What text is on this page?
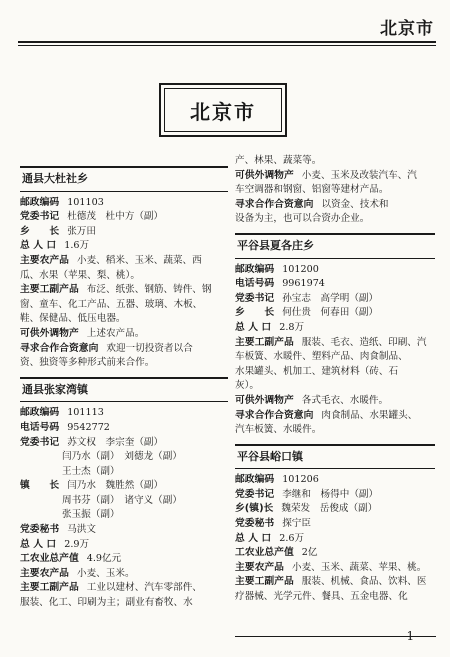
北京市
北京市
通县大杜社乡
邮政编码 101103
党委书记 杜德茂　杜中方（副）
乡　　长 张万田
总 人 口 1.6万
主要农产品 小麦、稻米、玉米、蔬菜、西
瓜、水果（苹果、梨、桃）。
主要工副产品 布泛、纸张、钢筋、铸件、钢
窗、童车、化工产品、五器、玻璃、木板、
鞋、保健品、低压电器。
可供外调物产 上述农产品。
寻求合作合资意向 欢迎一切投资者以合
资、独资等多种形式前来合作。
通县张家湾镇
邮政编码 101113
电话号码 9542772
党委书记 苏文权　李宗奎（副）
闫乃水（副）　刘德龙（副）
王士杰（副）
镇　　长 闫乃水　魏胜然（副）
周书芬（副）　诸守义（副）
张玉振（副）
党委秘书 马洪文
总 人 口 2.9万
工农业总产值 4.9亿元
主要农产品 小麦、玉米。
主要工副产品 工业以建材、汽车零部件、
服装、化工、印刷为主；副业有畜牧、水
产、林果、蔬菜等。
可供外调物产 小麦、玉米及改装汽车、汽
车空调器和钢窗、铝窗等建材产品。
寻求合作合资意向 以资金、技术和
设备为主，也可以合资办企业。
平谷县夏各庄乡
邮政编码 101200
电话号码 9961974
党委书记 孙宝志　高学明（副）
乡　　长 何仕贵　何春田（副）
总 人 口 2.8万
主要工副产品 服装、毛衣、造纸、印刷、汽
车板簧、水暖件、塑料产品、肉食制品、
水果罐头、机加工、建筑材料（砖、石
灰）。
可供外调物产 各式毛衣、水暖件。
寻求合作合资意向 肉食制品、水果罐头、
汽车板簧、水暖件。
平谷县峪口镇
邮政编码 101206
党委书记 李继和　杨得中（副）
乡(镇)长 魏荣发　岳俊成（副）
党委秘书 探宁臣
总 人 口 2.6万
工农业总产值 2亿
主要农产品 小麦、玉米、蔬菜、苹果、桃。
主要工副产品 服装、机械、食品、饮料、医
疗器械、光学元件、餐具、五金电器、化
— 1 —
